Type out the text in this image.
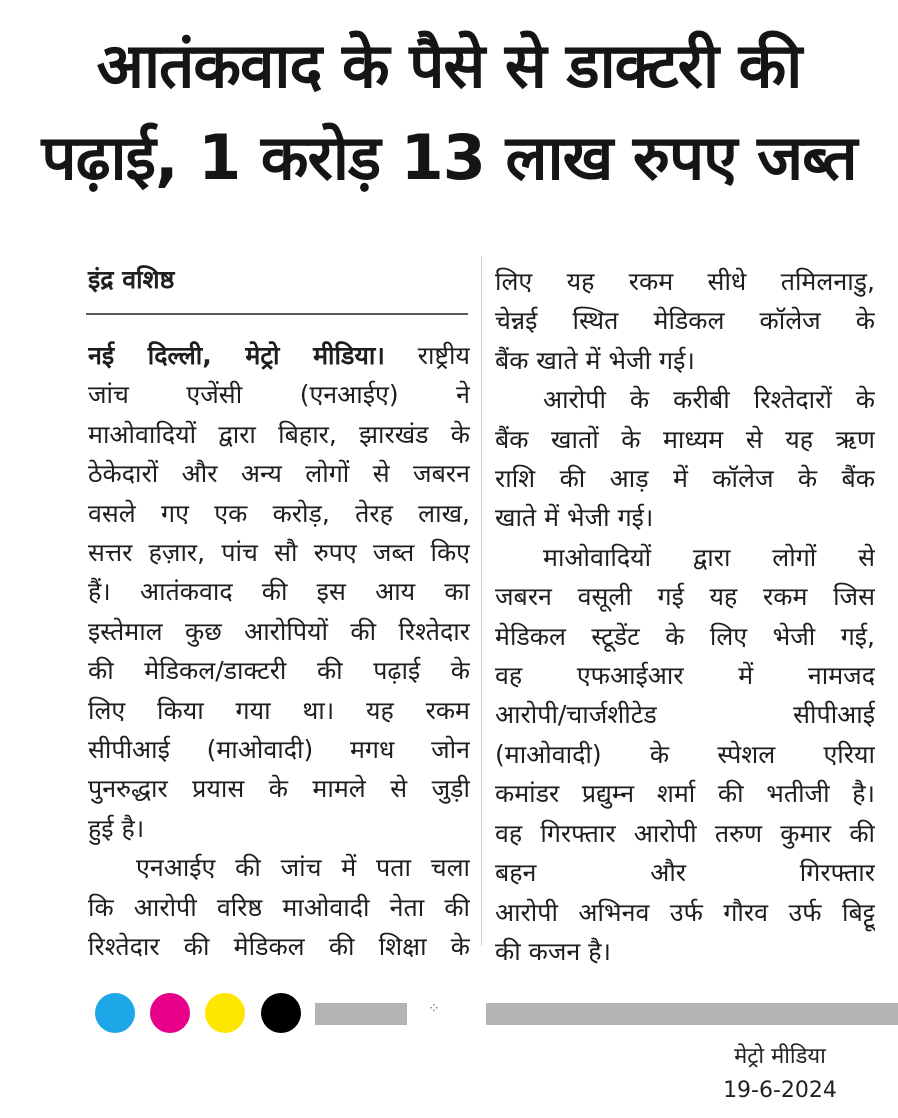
आतंकवाद के पैसे से डाक्टरी की
पढ़ाई, 1 करोड़ 13 लाख रुपए जब्त
इंद्र वशिष्ठ
नई दिल्ली, मेट्रो मीडिया। राष्ट्रीय
जांच एजेंसी (एनआईए) ने
माओवादियों द्वारा बिहार, झारखंड के
ठेकेदारों और अन्य लोगों से जबरन
वसले गए एक करोड़, तेरह लाख,
सत्तर हज़ार, पांच सौ रुपए जब्त किए
हैं। आतंकवाद की इस आय का
इस्तेमाल कुछ आरोपियों की रिश्तेदार
की मेडिकल/डाक्टरी की पढ़ाई के
लिए किया गया था। यह रकम
सीपीआई (माओवादी) मगध जोन
पुनरुद्धार प्रयास के मामले से जुड़ी
हुई है।
एनआईए की जांच में पता चला
कि आरोपी वरिष्ठ माओवादी नेता की
रिश्तेदार की मेडिकल की शिक्षा के
लिए यह रकम सीधे तमिलनाडु,
चेन्नई स्थित मेडिकल कॉलेज के
बैंक खाते में भेजी गई।
आरोपी के करीबी रिश्तेदारों के
बैंक खातों के माध्यम से यह ऋण
राशि की आड़ में कॉलेज के बैंक
खाते में भेजी गई।
माओवादियों द्वारा लोगों से
जबरन वसूली गई यह रकम जिस
मेडिकल स्टूडेंट के लिए भेजी गई,
वह एफआईआर में नामजद
आरोपी/चार्जशीटेड सीपीआई
(माओवादी) के स्पेशल एरिया
कमांडर प्रद्युम्न शर्मा की भतीजी है।
वह गिरफ्तार आरोपी तरुण कुमार की
बहन और गिरफ्तार
आरोपी अभिनव उर्फ गौरव उर्फ बिट्टू
की कजन है।
⁘
मेट्रो मीडिया
19-6-2024
